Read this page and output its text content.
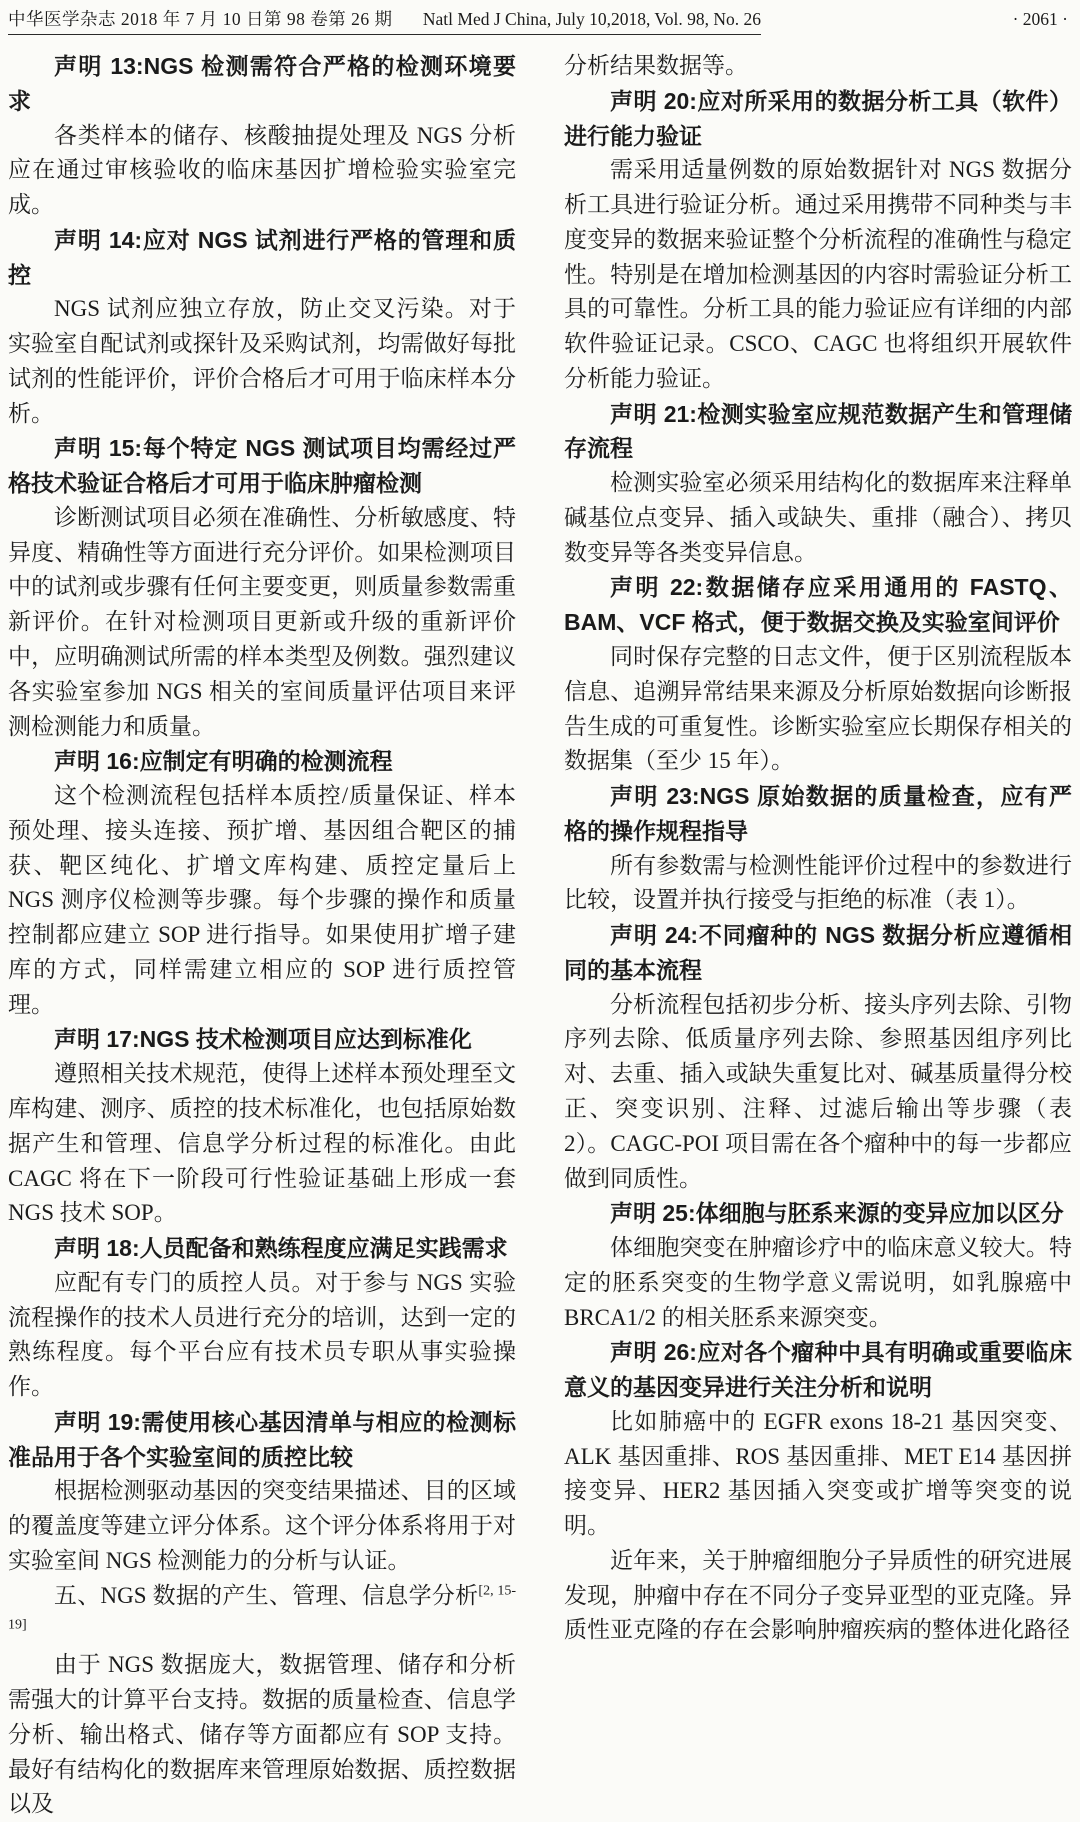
中华医学杂志 2018 年 7 月 10 日第 98 卷第 26 期 Natl Med J China, July 10,2018, Vol. 98, No. 26	· 2061 ·
声明 13:NGS 检测需符合严格的检测环境要求
各类样本的储存、核酸抽提处理及 NGS 分析应在通过审核验收的临床基因扩增检验实验室完成。
声明 14:应对 NGS 试剂进行严格的管理和质控
NGS 试剂应独立存放，防止交叉污染。对于实验室自配试剂或探针及采购试剂，均需做好每批试剂的性能评价，评价合格后才可用于临床样本分析。
声明 15:每个特定 NGS 测试项目均需经过严格技术验证合格后才可用于临床肿瘤检测
诊断测试项目必须在准确性、分析敏感度、特异度、精确性等方面进行充分评价。如果检测项目中的试剂或步骤有任何主要变更，则质量参数需重新评价。在针对检测项目更新或升级的重新评价中，应明确测试所需的样本类型及例数。强烈建议各实验室参加 NGS 相关的室间质量评估项目来评测检测能力和质量。
声明 16:应制定有明确的检测流程
这个检测流程包括样本质控/质量保证、样本预处理、接头连接、预扩增、基因组合靶区的捕获、靶区纯化、扩增文库构建、质控定量后上 NGS 测序仪检测等步骤。每个步骤的操作和质量控制都应建立 SOP 进行指导。如果使用扩增子建库的方式，同样需建立相应的 SOP 进行质控管理。
声明 17:NGS 技术检测项目应达到标准化
遵照相关技术规范，使得上述样本预处理至文库构建、测序、质控的技术标准化，也包括原始数据产生和管理、信息学分析过程的标准化。由此 CAGC 将在下一阶段可行性验证基础上形成一套 NGS 技术 SOP。
声明 18:人员配备和熟练程度应满足实践需求
应配有专门的质控人员。对于参与 NGS 实验流程操作的技术人员进行充分的培训，达到一定的熟练程度。每个平台应有技术员专职从事实验操作。
声明 19:需使用核心基因清单与相应的检测标准品用于各个实验室间的质控比较
根据检测驱动基因的突变结果描述、目的区域的覆盖度等建立评分体系。这个评分体系将用于对实验室间 NGS 检测能力的分析与认证。
五、NGS 数据的产生、管理、信息学分析[2, 15-19]
由于 NGS 数据庞大，数据管理、储存和分析需强大的计算平台支持。数据的质量检查、信息学分析、输出格式、储存等方面都应有 SOP 支持。最好有结构化的数据库来管理原始数据、质控数据以及
分析结果数据等。
声明 20:应对所采用的数据分析工具（软件）进行能力验证
需采用适量例数的原始数据针对 NGS 数据分析工具进行验证分析。通过采用携带不同种类与丰度变异的数据来验证整个分析流程的准确性与稳定性。特别是在增加检测基因的内容时需验证分析工具的可靠性。分析工具的能力验证应有详细的内部软件验证记录。CSCO、CAGC 也将组织开展软件分析能力验证。
声明 21:检测实验室应规范数据产生和管理储存流程
检测实验室必须采用结构化的数据库来注释单碱基位点变异、插入或缺失、重排（融合）、拷贝数变异等各类变异信息。
声明 22:数据储存应采用通用的 FASTQ、BAM、VCF 格式，便于数据交换及实验室间评价
同时保存完整的日志文件，便于区别流程版本信息、追溯异常结果来源及分析原始数据向诊断报告生成的可重复性。诊断实验室应长期保存相关的数据集（至少 15 年）。
声明 23:NGS 原始数据的质量检查，应有严格的操作规程指导
所有参数需与检测性能评价过程中的参数进行比较，设置并执行接受与拒绝的标准（表 1）。
声明 24:不同瘤种的 NGS 数据分析应遵循相同的基本流程
分析流程包括初步分析、接头序列去除、引物序列去除、低质量序列去除、参照基因组序列比对、去重、插入或缺失重复比对、碱基质量得分校正、突变识别、注释、过滤后输出等步骤（表 2）。CAGC-POI 项目需在各个瘤种中的每一步都应做到同质性。
声明 25:体细胞与胚系来源的变异应加以区分
体细胞突变在肿瘤诊疗中的临床意义较大。特定的胚系突变的生物学意义需说明，如乳腺癌中 BRCA1/2 的相关胚系来源突变。
声明 26:应对各个瘤种中具有明确或重要临床意义的基因变异进行关注分析和说明
比如肺癌中的 EGFR exons 18-21 基因突变、ALK 基因重排、ROS 基因重排、MET E14 基因拼接变异、HER2 基因插入突变或扩增等突变的说明。
近年来，关于肿瘤细胞分子异质性的研究进展发现，肿瘤中存在不同分子变异亚型的亚克隆。异质性亚克隆的存在会影响肿瘤疾病的整体进化路径
